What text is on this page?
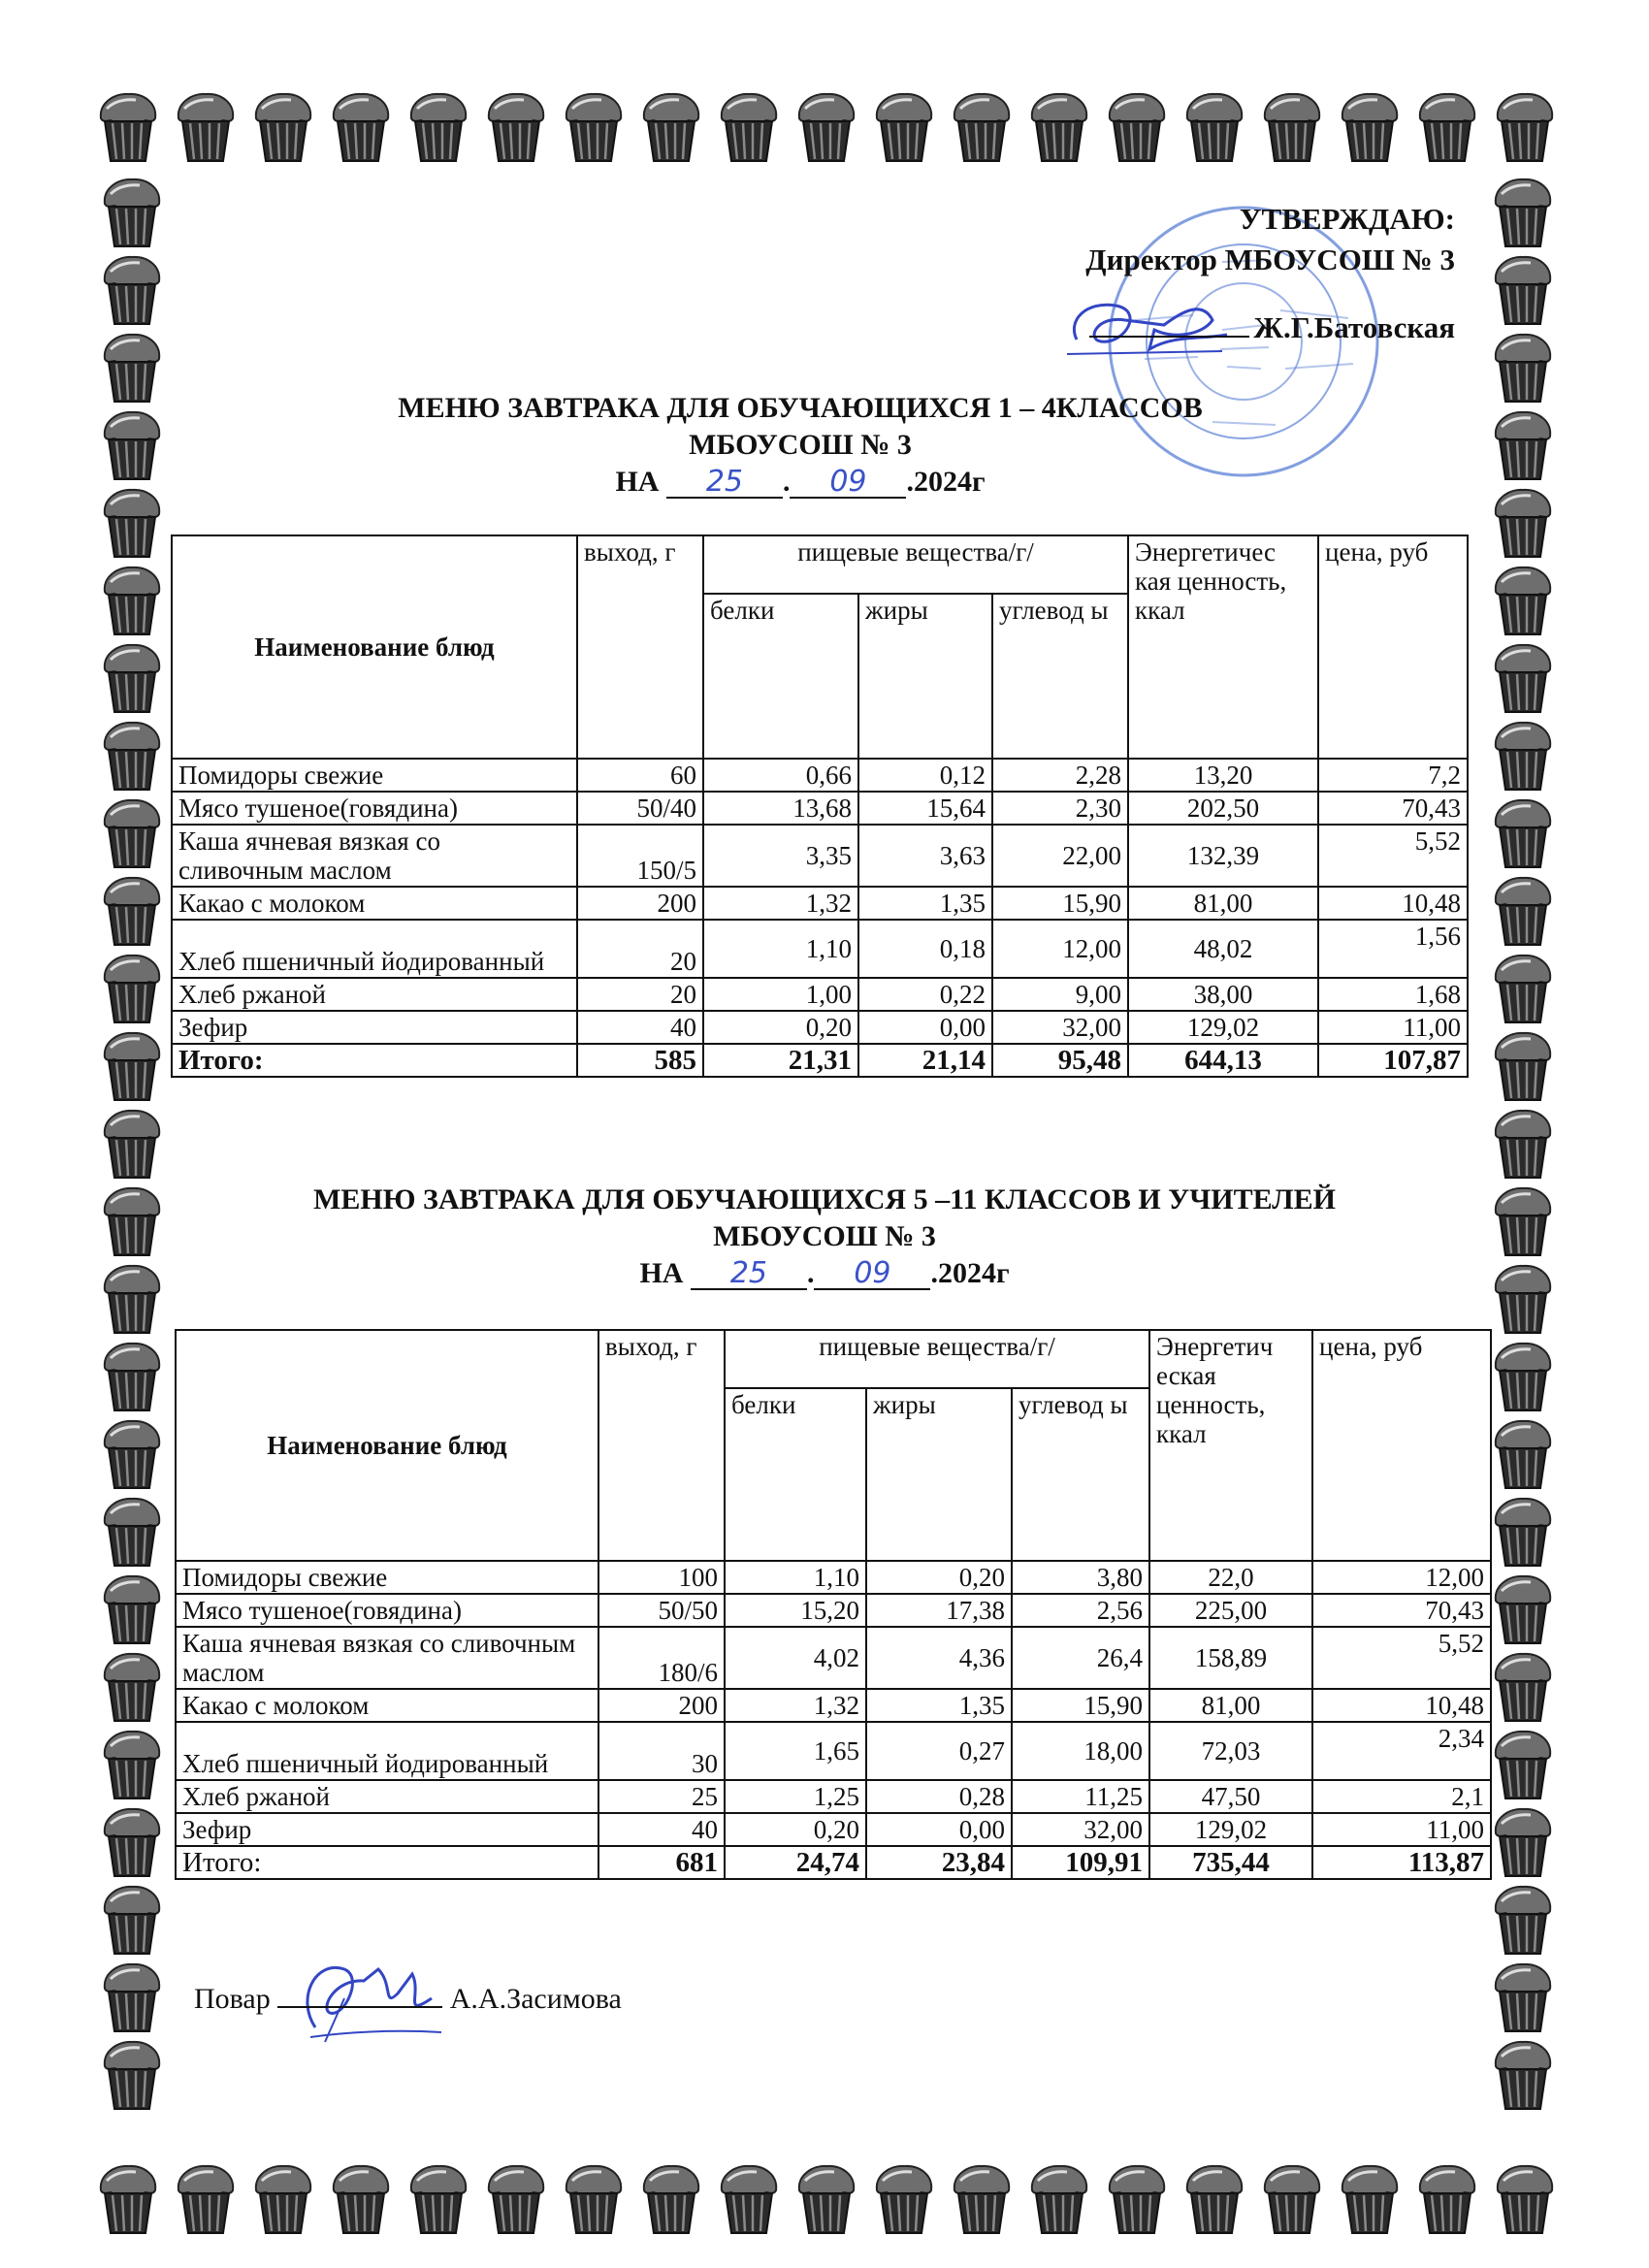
УТВЕРЖДАЮ:
Директор МБОУСОШ № 3
Ж.Г.Батовская
МЕНЮ ЗАВТРАКА ДЛЯ ОБУЧАЮЩИХСЯ 1 – 4КЛАССОВ
МБОУСОШ № 3
НА 25 . 09 .2024г
Наименование блюд	выход, г	пищевые вещества/г/			Энергетичес кая ценность, ккал	цена, руб
		белки	жиры	углевод ы		
Помидоры свежие	60	0,66	0,12	2,28	13,20	7,2
Мясо тушеное(говядина)	50/40	13,68	15,64	2,30	202,50	70,43
Каша ячневая вязкая со сливочным маслом	150/5	3,35	3,63	22,00	132,39	5,52
Какао с молоком	200	1,32	1,35	15,90	81,00	10,48
Хлеб пшеничный йодированный	20	1,10	0,18	12,00	48,02	1,56
Хлеб ржаной	20	1,00	0,22	9,00	38,00	1,68
Зефир	40	0,20	0,00	32,00	129,02	11,00
Итого:	585	21,31	21,14	95,48	644,13	107,87
МЕНЮ ЗАВТРАКА ДЛЯ ОБУЧАЮЩИХСЯ 5 –11 КЛАССОВ И УЧИТЕЛЕЙ
МБОУСОШ № 3
НА 25 . 09 .2024г
Наименование блюд	выход, г	пищевые вещества/г/			Энергетич еская ценность, ккал	цена, руб
		белки	жиры	углевод ы		
Помидоры свежие	100	1,10	0,20	3,80	22,0	12,00
Мясо тушеное(говядина)	50/50	15,20	17,38	2,56	225,00	70,43
Каша ячневая вязкая со сливочным маслом	180/6	4,02	4,36	26,4	158,89	5,52
Какао с молоком	200	1,32	1,35	15,90	81,00	10,48
Хлеб пшеничный йодированный	30	1,65	0,27	18,00	72,03	2,34
Хлеб ржаной	25	1,25	0,28	11,25	47,50	2,1
Зефир	40	0,20	0,00	32,00	129,02	11,00
Итого:	681	24,74	23,84	109,91	735,44	113,87
Повар	А.А.Засимова
